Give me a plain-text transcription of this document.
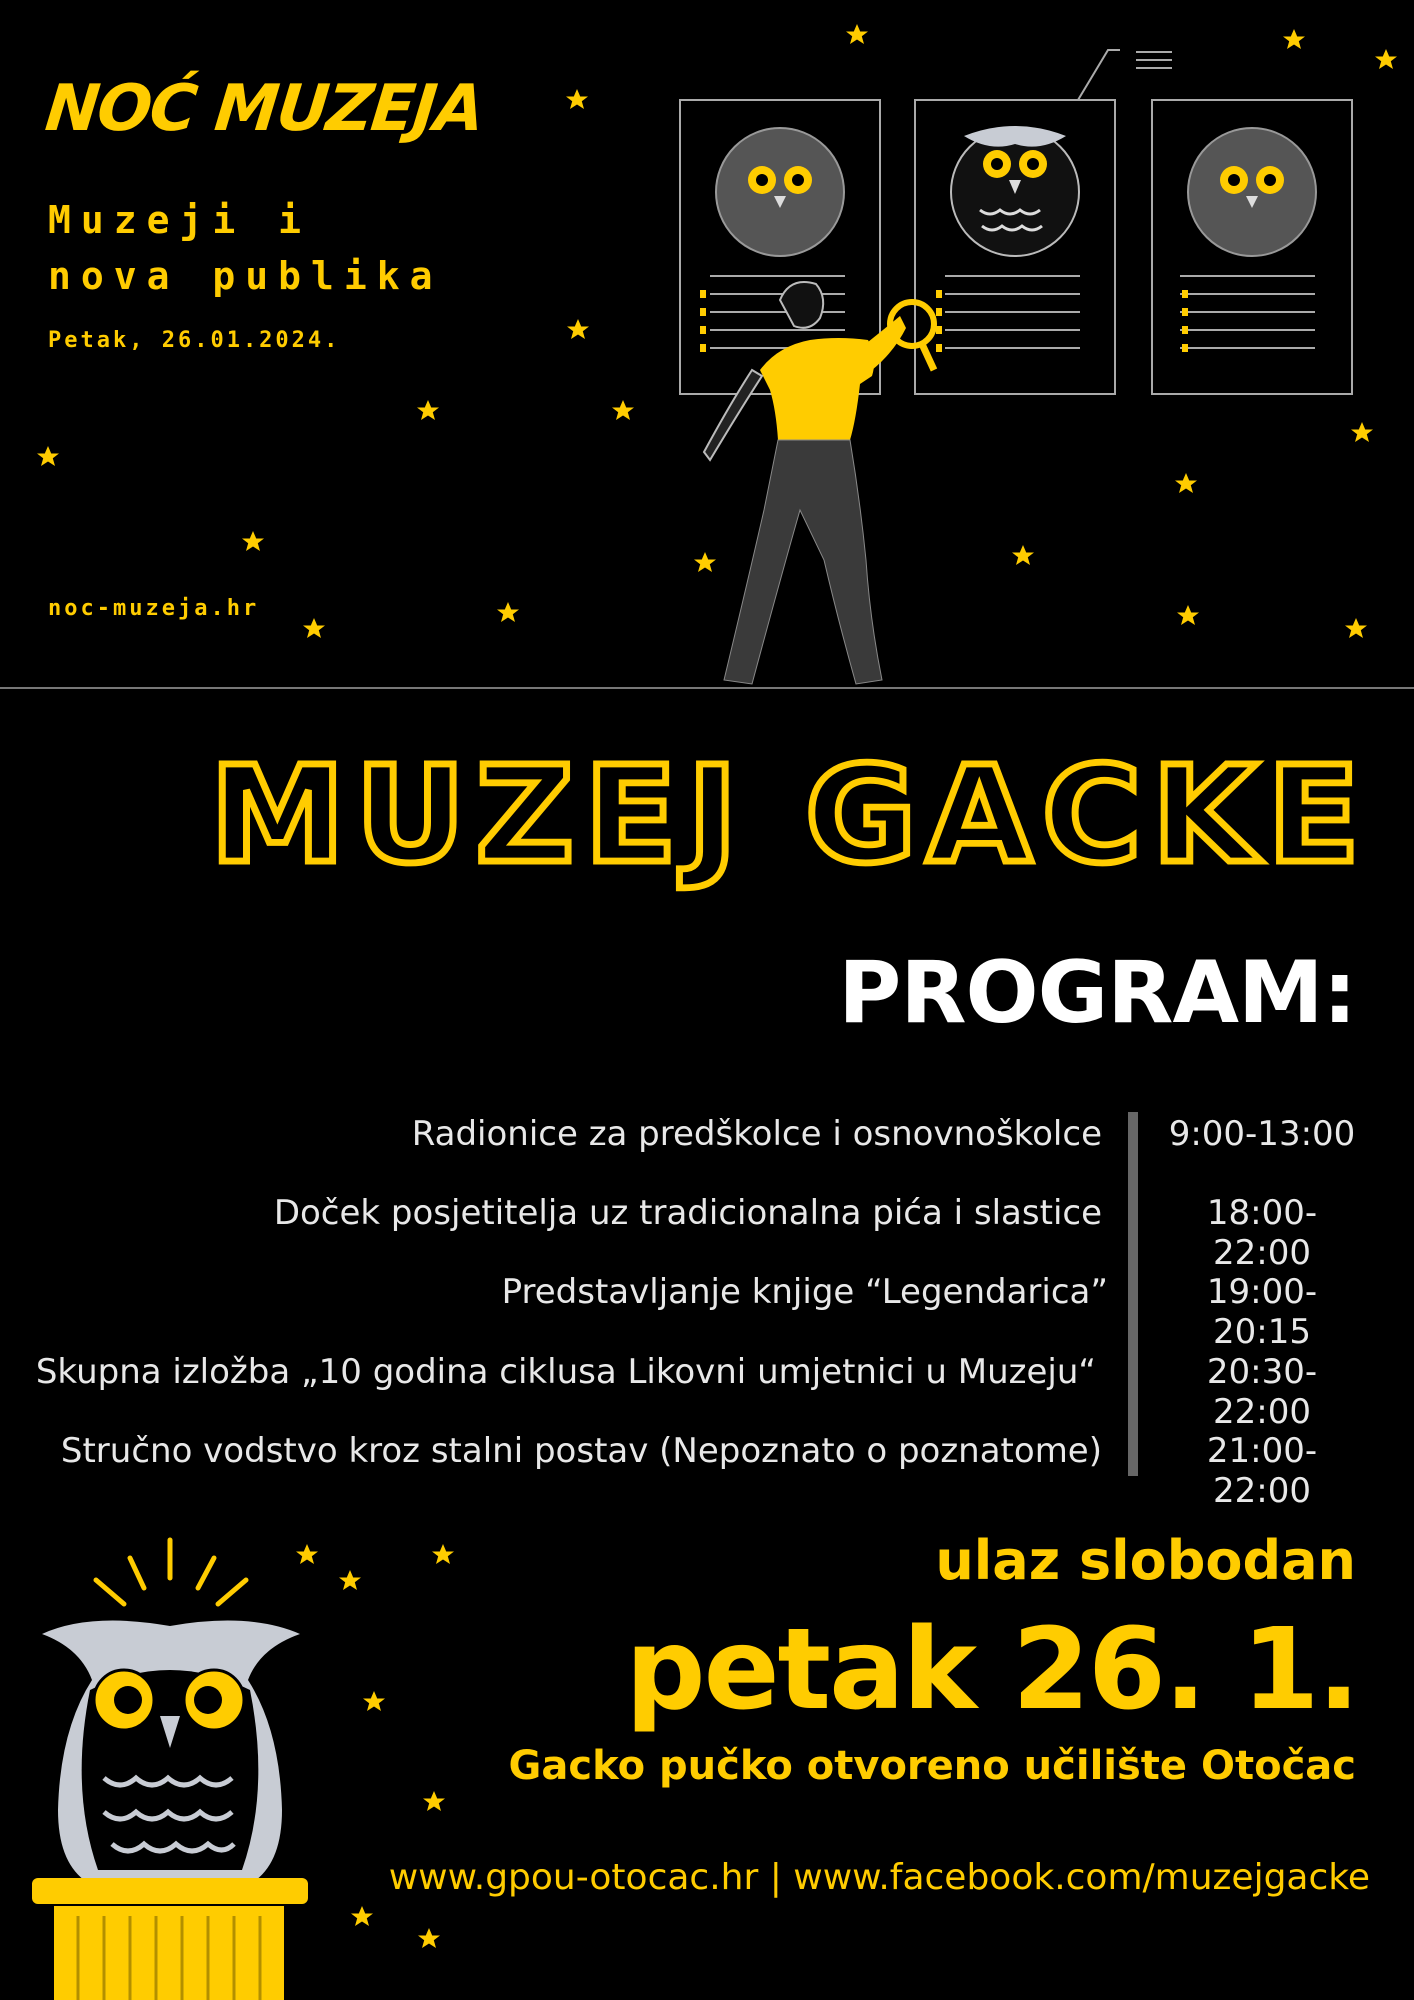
NOĆ MUZEJA
Muzeji i
nova publika
Petak, 26.01.2024.
noc-muzeja.hr
MUZEJ GACKE
PROGRAM:
Radionice za predškolce i osnovnoškolce 9:00-13:00
Doček posjetitelja uz tradicionalna pića i slastice	18:00-22:00
Predstavljanje knjige “Legendarica”	19:00-20:15
Skupna izložba „10 godina ciklusa Likovni umjetnici u Muzeju“	20:30-22:00
Stručno vodstvo kroz stalni postav (Nepoznato o poznatome)	21:00-22:00
ulaz slobodan
petak 26. 1.
Gacko pučko otvoreno učilište Otočac
www.gpou-otocac.hr | www.facebook.com/muzejgacke
